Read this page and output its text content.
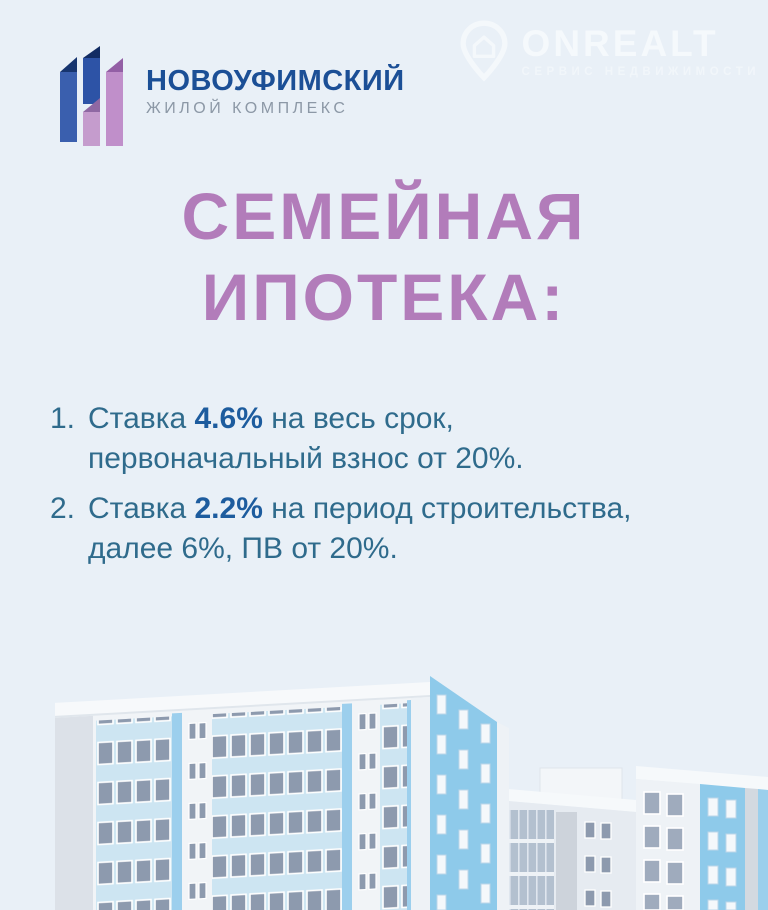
НОВОУФИМСКИЙ
ЖИЛОЙ КОМПЛЕКС
ONREALT
СЕРВИС НЕДВИЖИМОСТИ
СЕМЕЙНАЯ
ИПОТЕКА:
1. Ставка 4.6% на весь срок,
первоначальный взнос от 20%.
2. Ставка 2.2% на период строительства,
далее 6%, ПВ от 20%.
